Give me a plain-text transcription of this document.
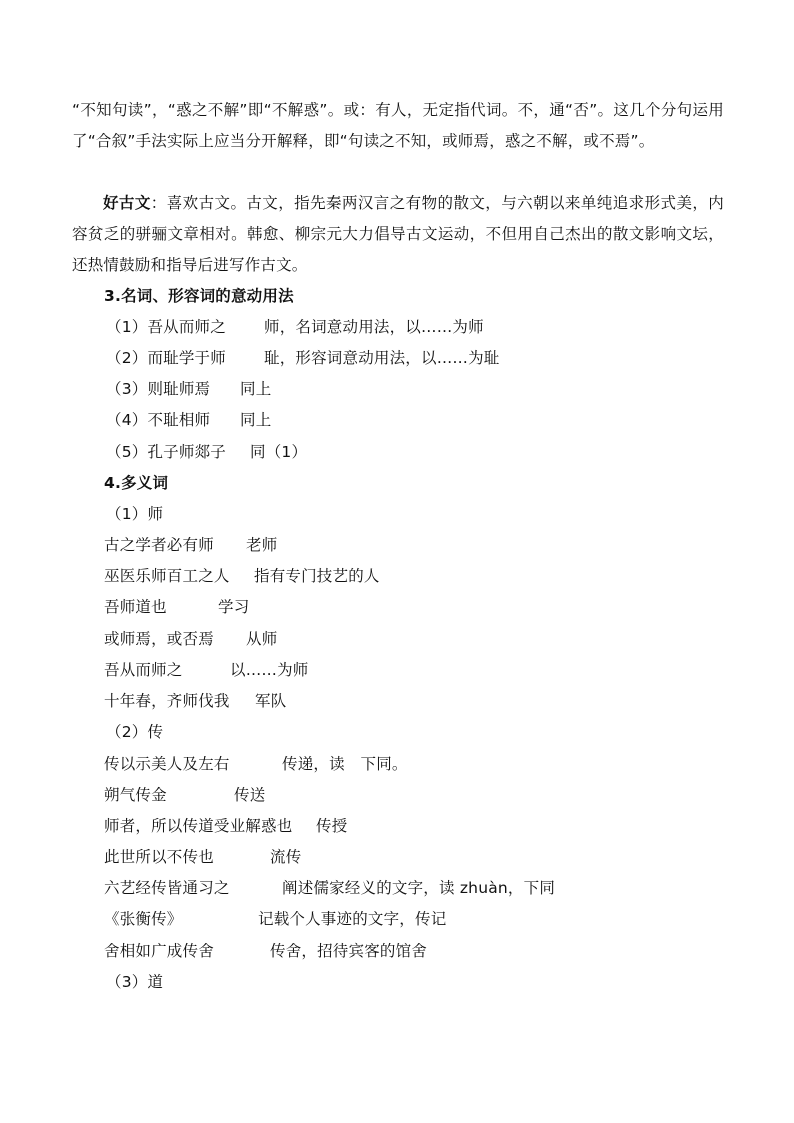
“不知句读”，“惑之不解”即“不解惑”。或：有人，无定指代词。不，通“否”。这几个分句运用了“合叙”手法实际上应当分开解释，即“句读之不知，或师焉，惑之不解，或不焉”。
好古文：喜欢古文。古文，指先秦两汉言之有物的散文，与六朝以来单纯追求形式美，内容贫乏的骈骊文章相对。韩愈、柳宗元大力倡导古文运动，不但用自己杰出的散文影响文坛，还热情鼓励和指导后进写作古文。
3.名词、形容词的意动用法
（1）吾从而师之 师，名词意动用法，以……为师
（2）而耻学于师 耻，形容词意动用法，以……为耻
（3）则耻师焉 同上
（4）不耻相师 同上
（5）孔子师郯子 同（1）
4.多义词
（1）师
古之学者必有师 老师
巫医乐师百工之人 指有专门技艺的人
吾师道也	学习
或师焉，或否焉 从师
吾从而师之	以……为师
十年春，齐师伐我 军队
（2）传
传以示美人及左右	传递，读　下同。
朔气传金	传送
师者，所以传道受业解惑也 传授
此世所以不传也	流传
六艺经传皆通习之	阐述儒家经义的文字，读 zhuàn，下同
《张衡传》	记载个人事迹的文字，传记
舍相如广成传舍	传舍，招待宾客的馆舍
（3）道
